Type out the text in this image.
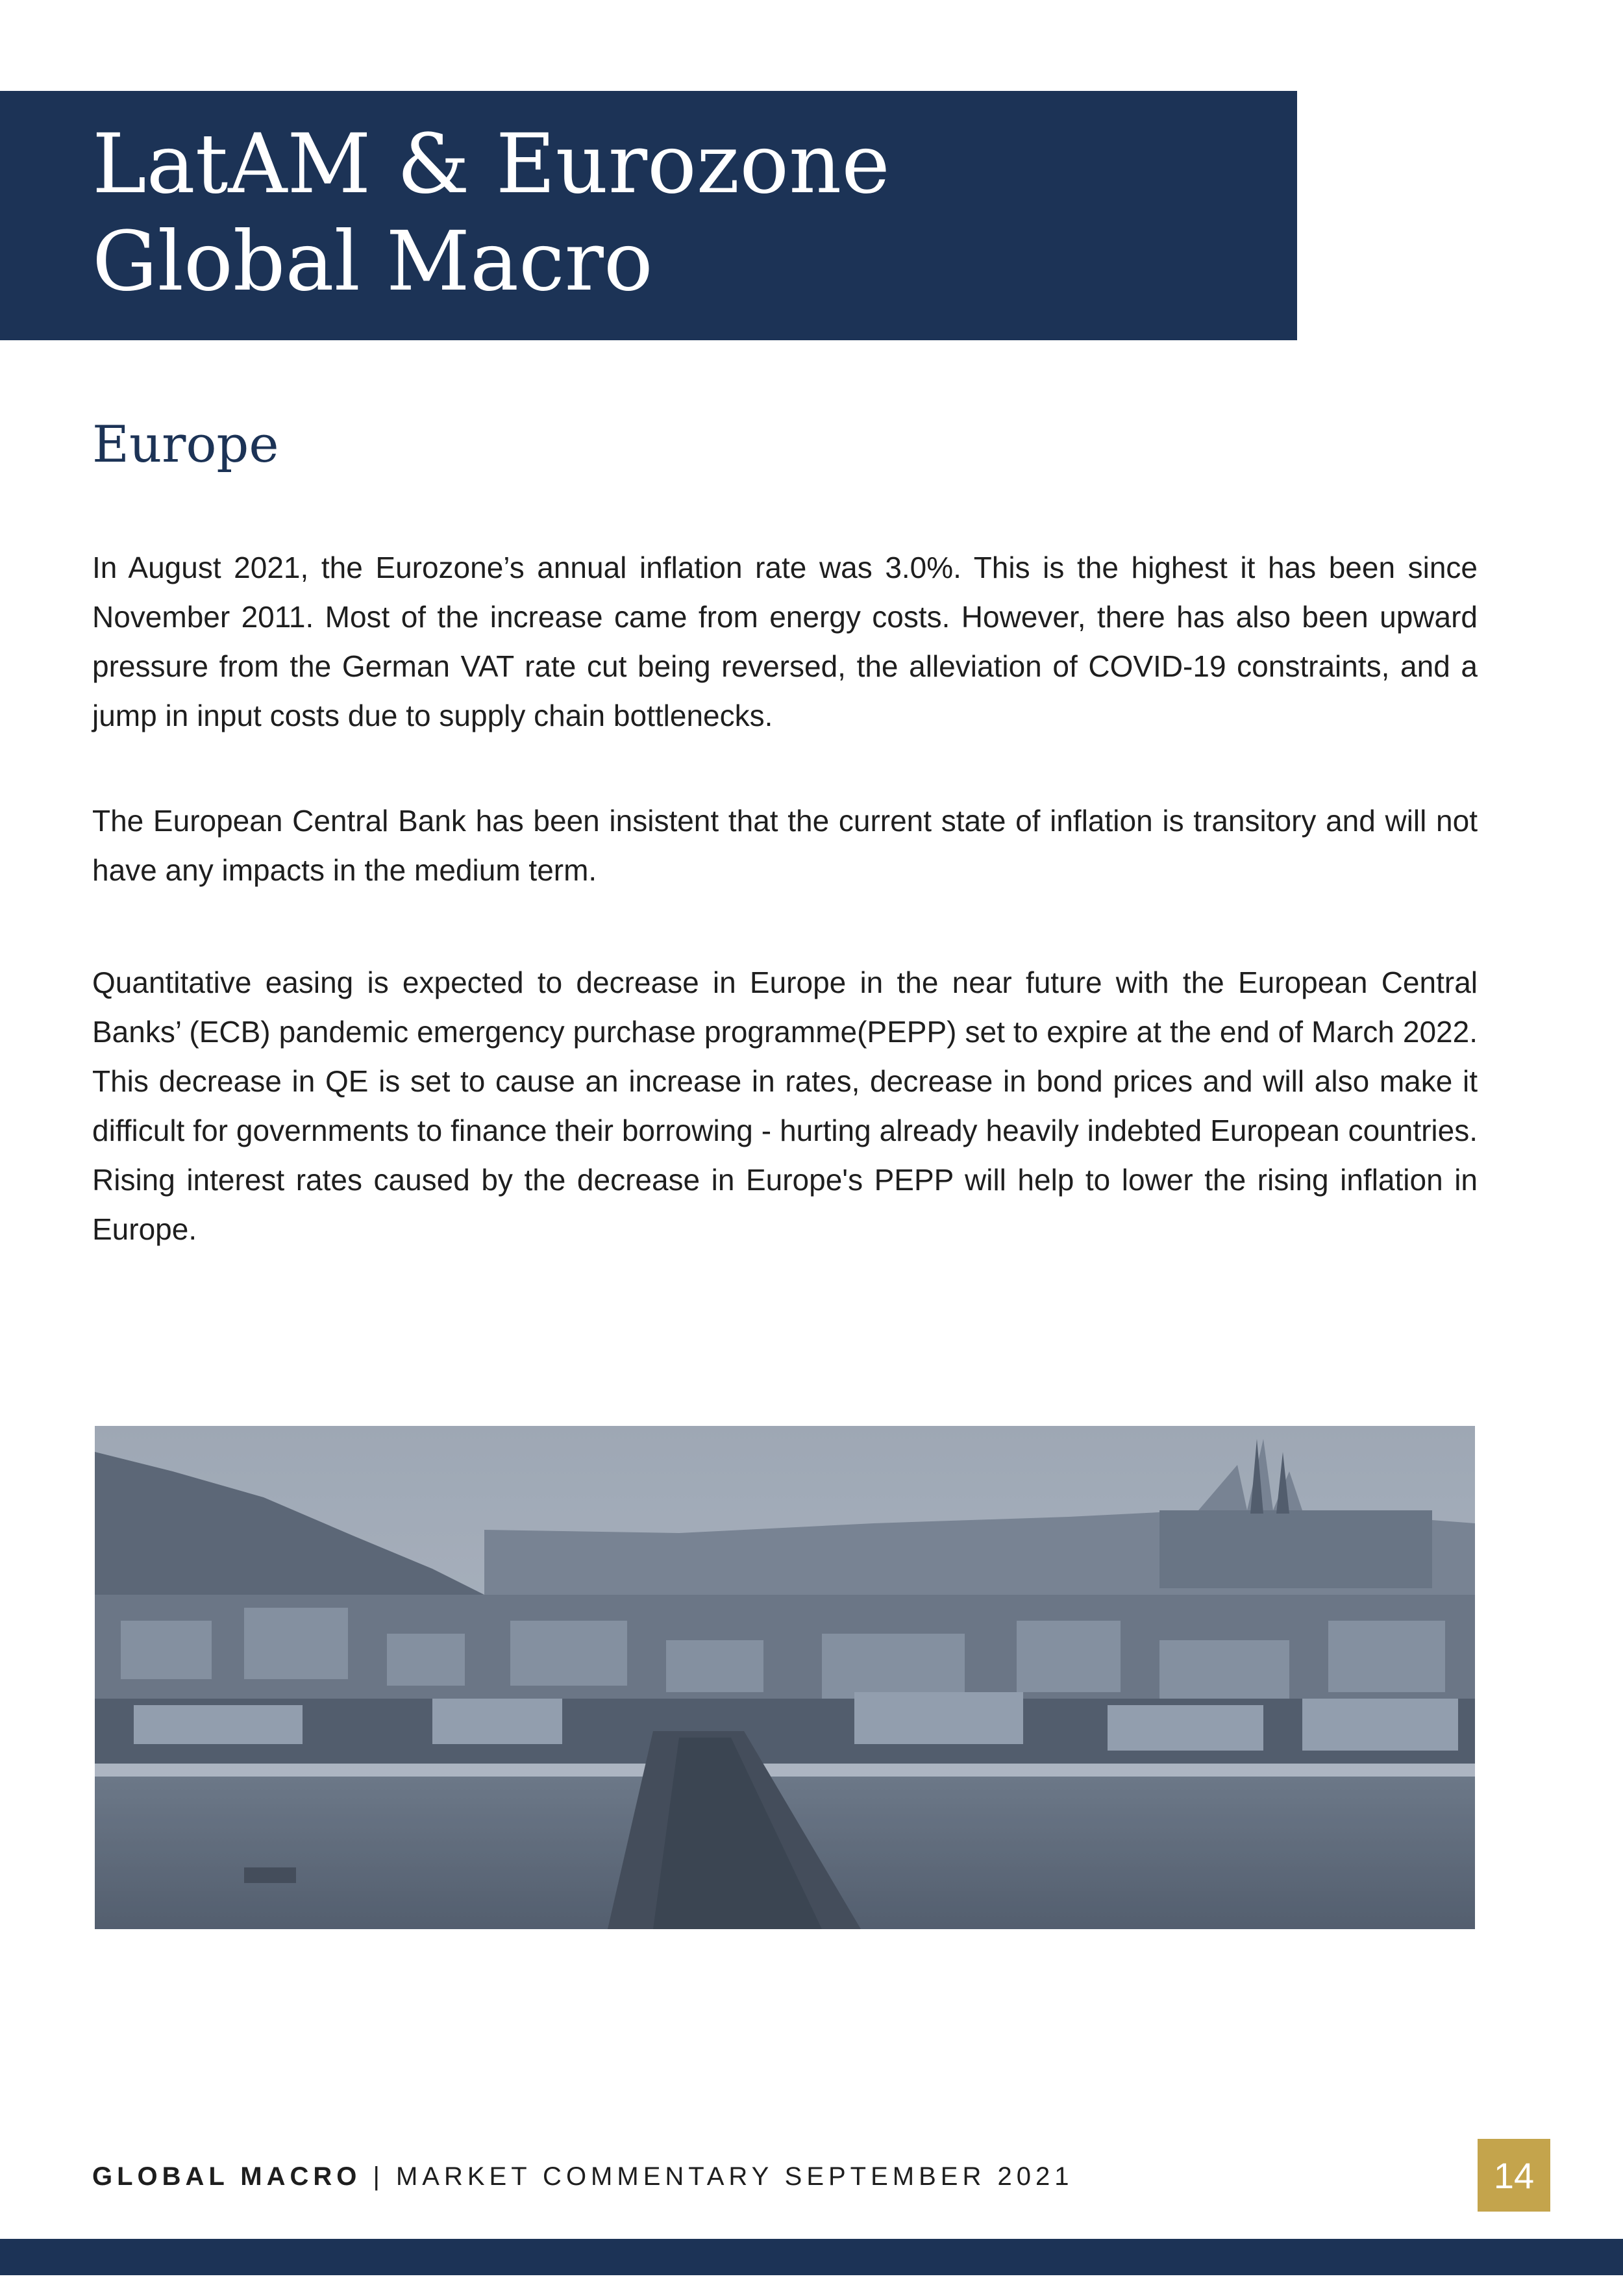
LatAM & Eurozone
Global Macro
Europe

In August 2021, the Eurozone’s annual inflation rate was 3.0%. This is the highest it has been since November 2011. Most of the increase came from energy costs. However, there has also been upward pressure from the German VAT rate cut being reversed, the alleviation of COVID-19 constraints, and a jump in input costs due to supply chain bottlenecks.

The European Central Bank has been insistent that the current state of inflation is transitory and will not have any impacts in the medium term.

Quantitative easing is expected to decrease in Europe in the near future with the European Central Banks’ (ECB) pandemic emergency purchase programme(PEPP) set to expire at the end of March 2022. This decrease in QE is set to cause an increase in rates, decrease in bond prices and will also make it difficult for governments to finance their borrowing - hurting already heavily indebted European countries. Rising interest rates caused by the decrease in Europe's PEPP will help to lower the rising inflation in Europe.

GLOBAL MACRO | MARKET COMMENTARY SEPTEMBER 2021	14
